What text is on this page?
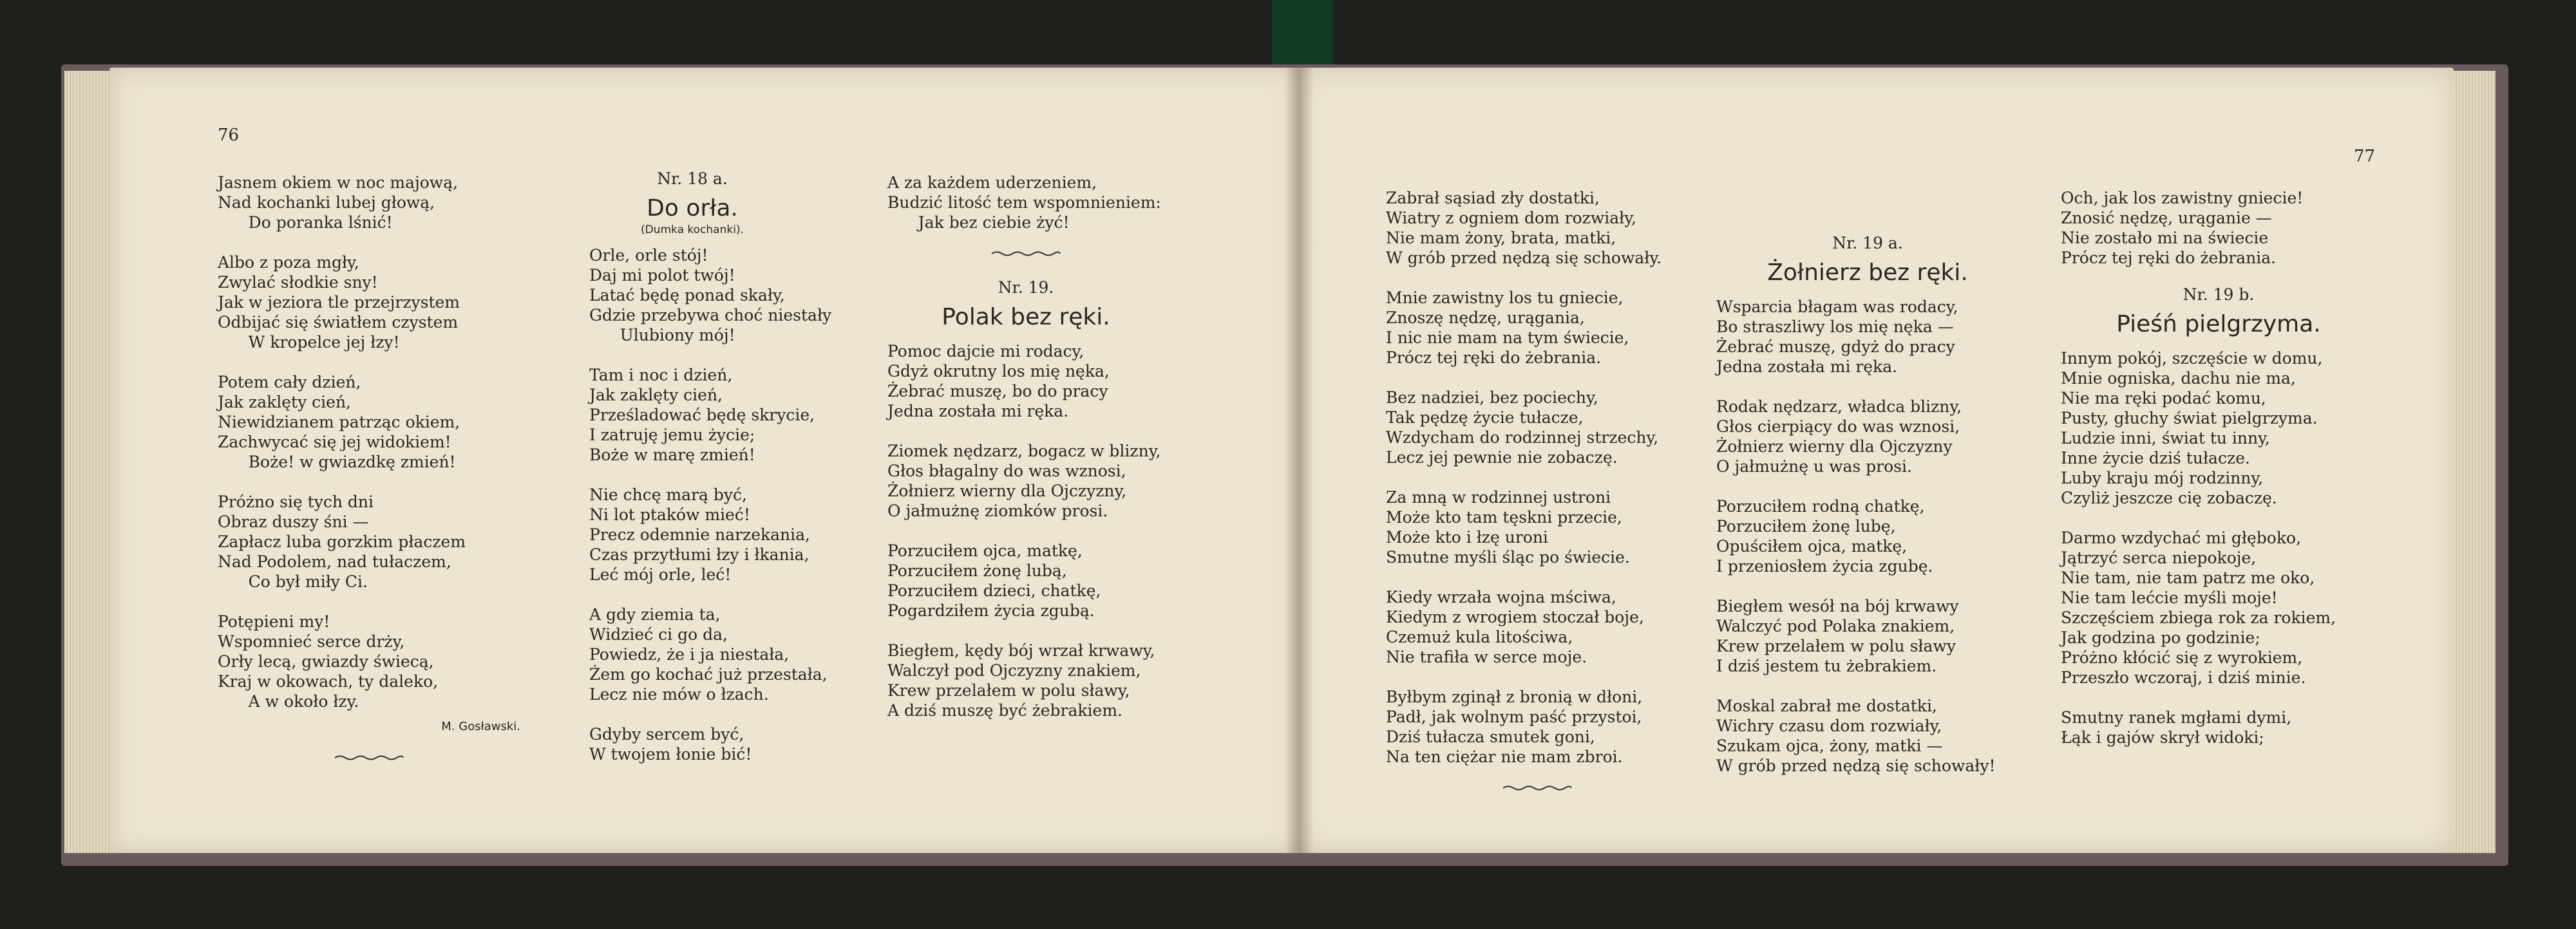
76
Jasnem okiem w noc majową,
Nad kochanki lubej głową,
Do poranka lśnić!
Albo z poza mgły,
Zwylać słodkie sny!
Jak w jeziora tle przejrzystem
Odbijać się światłem czystem
W kropelce jej łzy!
Potem cały dzień,
Jak zaklęty cień,
Niewidzianem patrząc okiem,
Zachwycać się jej widokiem!
Boże! w gwiazdkę zmień!
Próżno się tych dni
Obraz duszy śni —
Zapłacz luba gorzkim płaczem
Nad Podolem, nad tułaczem,
Co był miły Ci.
Potępieni my!
Wspomnieć serce drży,
Orły lecą, gwiazdy świecą,
Kraj w okowach, ty daleko,
A w około łzy.
M. Gosławski.
Nr. 18 a.
Do orła.
(Dumka kochanki).
Orle, orle stój!
Daj mi polot twój!
Latać będę ponad skały,
Gdzie przebywa choć niestały
Ulubiony mój!
Tam i noc i dzień,
Jak zaklęty cień,
Prześladować będę skrycie,
I zatruję jemu życie;
Boże w marę zmień!
Nie chcę marą być,
Ni lot ptaków mieć!
Precz odemnie narzekania,
Czas przytłumi łzy i łkania,
Leć mój orle, leć!
A gdy ziemia ta,
Widzieć ci go da,
Powiedz, że i ja niestała,
Żem go kochać już przestała,
Lecz nie mów o łzach.
Gdyby sercem być,
W twojem łonie bić!
A za każdem uderzeniem,
Budzić litość tem wspomnieniem:
Jak bez ciebie żyć!
Nr. 19.
Polak bez ręki.
Pomoc dajcie mi rodacy,
Gdyż okrutny los mię nęka,
Żebrać muszę, bo do pracy
Jedna została mi ręka.
Ziomek nędzarz, bogacz w blizny,
Głos błagalny do was wznosi,
Żołnierz wierny dla Ojczyzny,
O jałmużnę ziomków prosi.
Porzuciłem ojca, matkę,
Porzuciłem żonę lubą,
Porzuciłem dzieci, chatkę,
Pogardziłem życia zgubą.
Biegłem, kędy bój wrzał krwawy,
Walczył pod Ojczyzny znakiem,
Krew przelałem w polu sławy,
A dziś muszę być żebrakiem.
77
Zabrał sąsiad zły dostatki,
Wiatry z ogniem dom rozwiały,
Nie mam żony, brata, matki,
W grób przed nędzą się schowały.
Mnie zawistny los tu gniecie,
Znoszę nędzę, urągania,
I nic nie mam na tym świecie,
Prócz tej ręki do żebrania.
Bez nadziei, bez pociechy,
Tak pędzę życie tułacze,
Wzdycham do rodzinnej strzechy,
Lecz jej pewnie nie zobaczę.
Za mną w rodzinnej ustroni
Może kto tam tęskni przecie,
Może kto i łzę uroni
Smutne myśli śląc po świecie.
Kiedy wrzała wojna mściwa,
Kiedym z wrogiem stoczał boje,
Czemuż kula litościwa,
Nie trafiła w serce moje.
Byłbym zginął z bronią w dłoni,
Padł, jak wolnym paść przystoi,
Dziś tułacza smutek goni,
Na ten ciężar nie mam zbroi.
Nr. 19 a.
Żołnierz bez ręki.
Wsparcia błagam was rodacy,
Bo straszliwy los mię nęka —
Żebrać muszę, gdyż do pracy
Jedna została mi ręka.
Rodak nędzarz, władca blizny,
Głos cierpiący do was wznosi,
Żołnierz wierny dla Ojczyzny
O jałmużnę u was prosi.
Porzuciłem rodną chatkę,
Porzuciłem żonę lubę,
Opuściłem ojca, matkę,
I przeniosłem życia zgubę.
Biegłem wesół na bój krwawy
Walczyć pod Polaka znakiem,
Krew przelałem w polu sławy
I dziś jestem tu żebrakiem.
Moskal zabrał me dostatki,
Wichry czasu dom rozwiały,
Szukam ojca, żony, matki —
W grób przed nędzą się schowały!
Och, jak los zawistny gniecie!
Znosić nędzę, urąganie —
Nie zostało mi na świecie
Prócz tej ręki do żebrania.
Nr. 19 b.
Pieśń pielgrzyma.
Innym pokój, szczęście w domu,
Mnie ogniska, dachu nie ma,
Nie ma ręki podać komu,
Pusty, głuchy świat pielgrzyma.
Ludzie inni, świat tu inny,
Inne życie dziś tułacze.
Luby kraju mój rodzinny,
Czyliż jeszcze cię zobaczę.
Darmo wzdychać mi głęboko,
Jątrzyć serca niepokoje,
Nie tam, nie tam patrz me oko,
Nie tam lećcie myśli moje!
Szczęściem zbiega rok za rokiem,
Jak godzina po godzinie;
Próżno kłócić się z wyrokiem,
Przeszło wczoraj, i dziś minie.
Smutny ranek mgłami dymi,
Łąk i gajów skrył widoki;
